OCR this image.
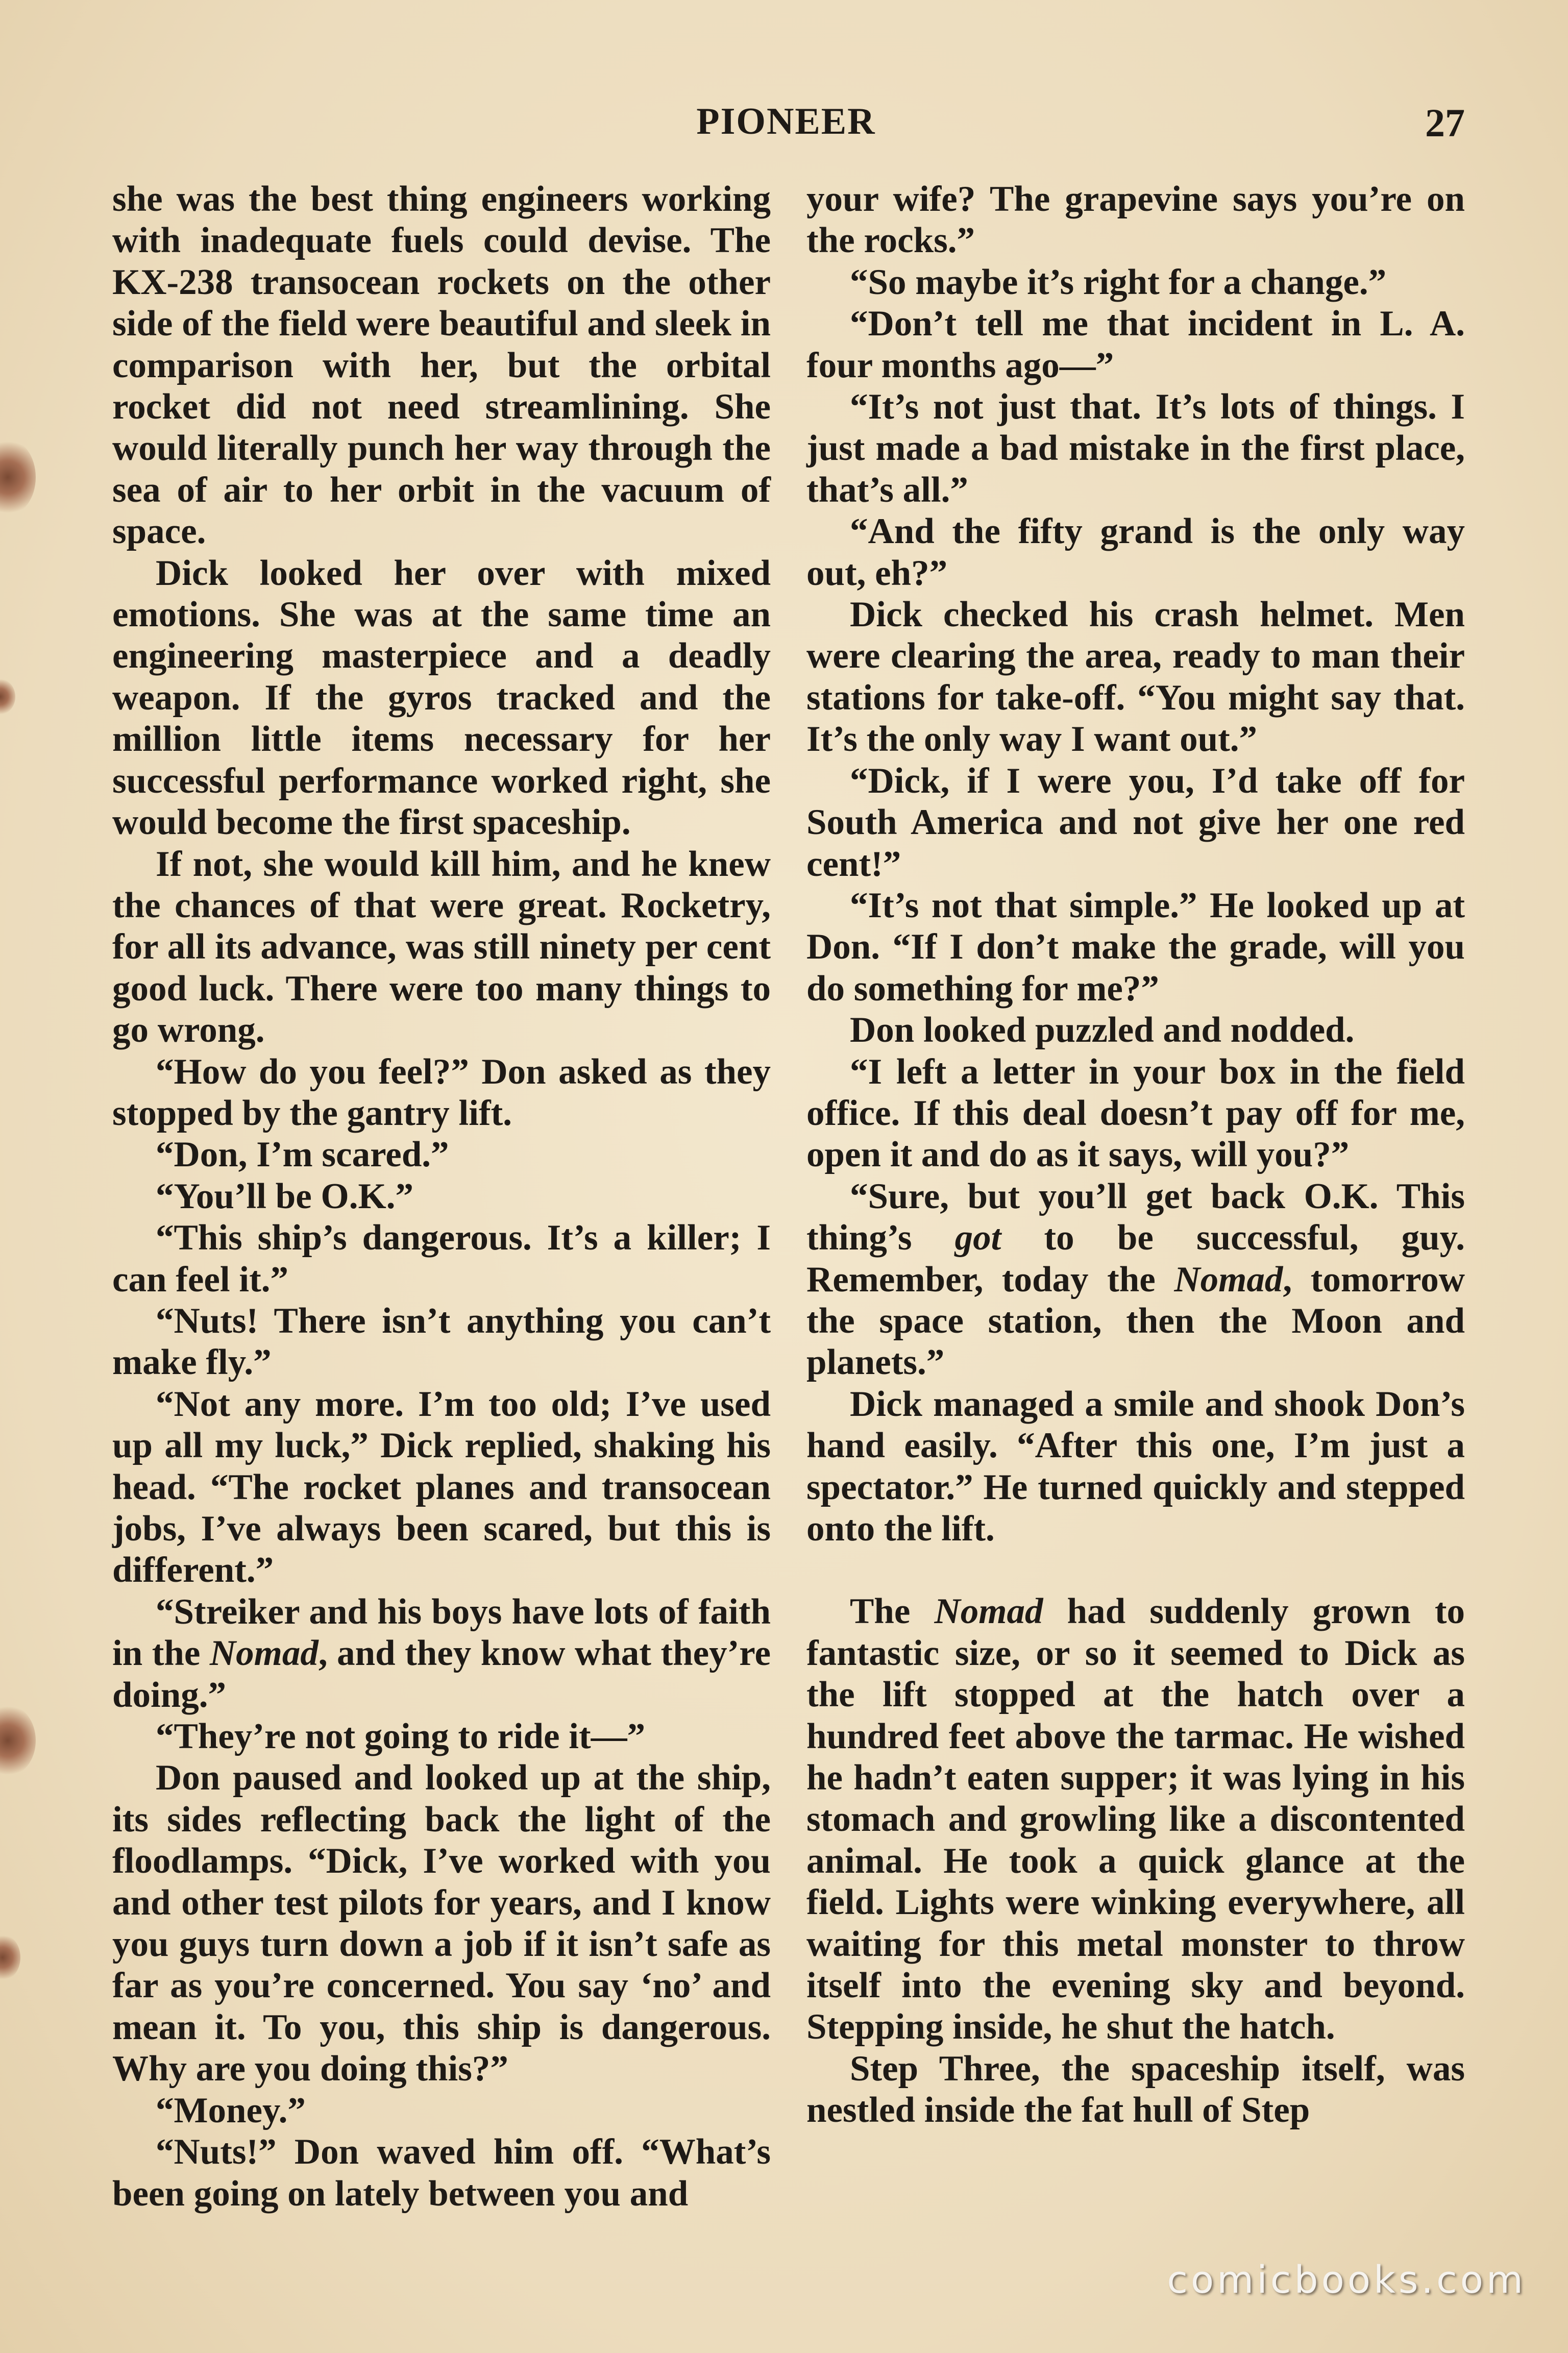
PIONEER	27

she was the best thing engineers working with inadequate fuels could devise. The KX-238 transocean rockets on the other side of the field were beautiful and sleek in comparison with her, but the orbital rocket did not need streamlining. She would literally punch her way through the sea of air to her orbit in the vacuum of space.

Dick looked her over with mixed emotions. She was at the same time an engineering masterpiece and a deadly weapon. If the gyros tracked and the million little items necessary for her successful performance worked right, she would become the first spaceship.

If not, she would kill him, and he knew the chances of that were great. Rocketry, for all its advance, was still ninety per cent good luck. There were too many things to go wrong.

“How do you feel?” Don asked as they stopped by the gantry lift.

“Don, I’m scared.”

“You’ll be O.K.”

“This ship’s dangerous. It’s a killer; I can feel it.”

“Nuts! There isn’t anything you can’t make fly.”

“Not any more. I’m too old; I’ve used up all my luck,” Dick replied, shaking his head. “The rocket planes and transocean jobs, I’ve always been scared, but this is different.”

“Streiker and his boys have lots of faith in the Nomad, and they know what they’re doing.”

“They’re not going to ride it—”

Don paused and looked up at the ship, its sides reflecting back the light of the floodlamps. “Dick, I’ve worked with you and other test pilots for years, and I know you guys turn down a job if it isn’t safe as far as you’re concerned. You say ‘no’ and mean it. To you, this ship is dangerous. Why are you doing this?”

“Money.”

“Nuts!” Don waved him off. “What’s been going on lately between you and

your wife? The grapevine says you’re on the rocks.”

“So maybe it’s right for a change.”

“Don’t tell me that incident in L. A. four months ago—”

“It’s not just that. It’s lots of things. I just made a bad mistake in the first place, that’s all.”

“And the fifty grand is the only way out, eh?”

Dick checked his crash helmet. Men were clearing the area, ready to man their stations for take-off. “You might say that. It’s the only way I want out.”

“Dick, if I were you, I’d take off for South America and not give her one red cent!”

“It’s not that simple.” He looked up at Don. “If I don’t make the grade, will you do something for me?”

Don looked puzzled and nodded.

“I left a letter in your box in the field office. If this deal doesn’t pay off for me, open it and do as it says, will you?”

“Sure, but you’ll get back O.K. This thing’s got to be successful, guy. Remember, today the Nomad, tomorrow the space station, then the Moon and planets.”

Dick managed a smile and shook Don’s hand easily. “After this one, I’m just a spectator.” He turned quickly and stepped onto the lift.

The Nomad had suddenly grown to fantastic size, or so it seemed to Dick as the lift stopped at the hatch over a hundred feet above the tarmac. He wished he hadn’t eaten supper; it was lying in his stomach and growling like a discontented animal. He took a quick glance at the field. Lights were winking everywhere, all waiting for this metal monster to throw itself into the evening sky and beyond. Stepping inside, he shut the hatch.

Step Three, the spaceship itself, was nestled inside the fat hull of Step

comicbooks.com
